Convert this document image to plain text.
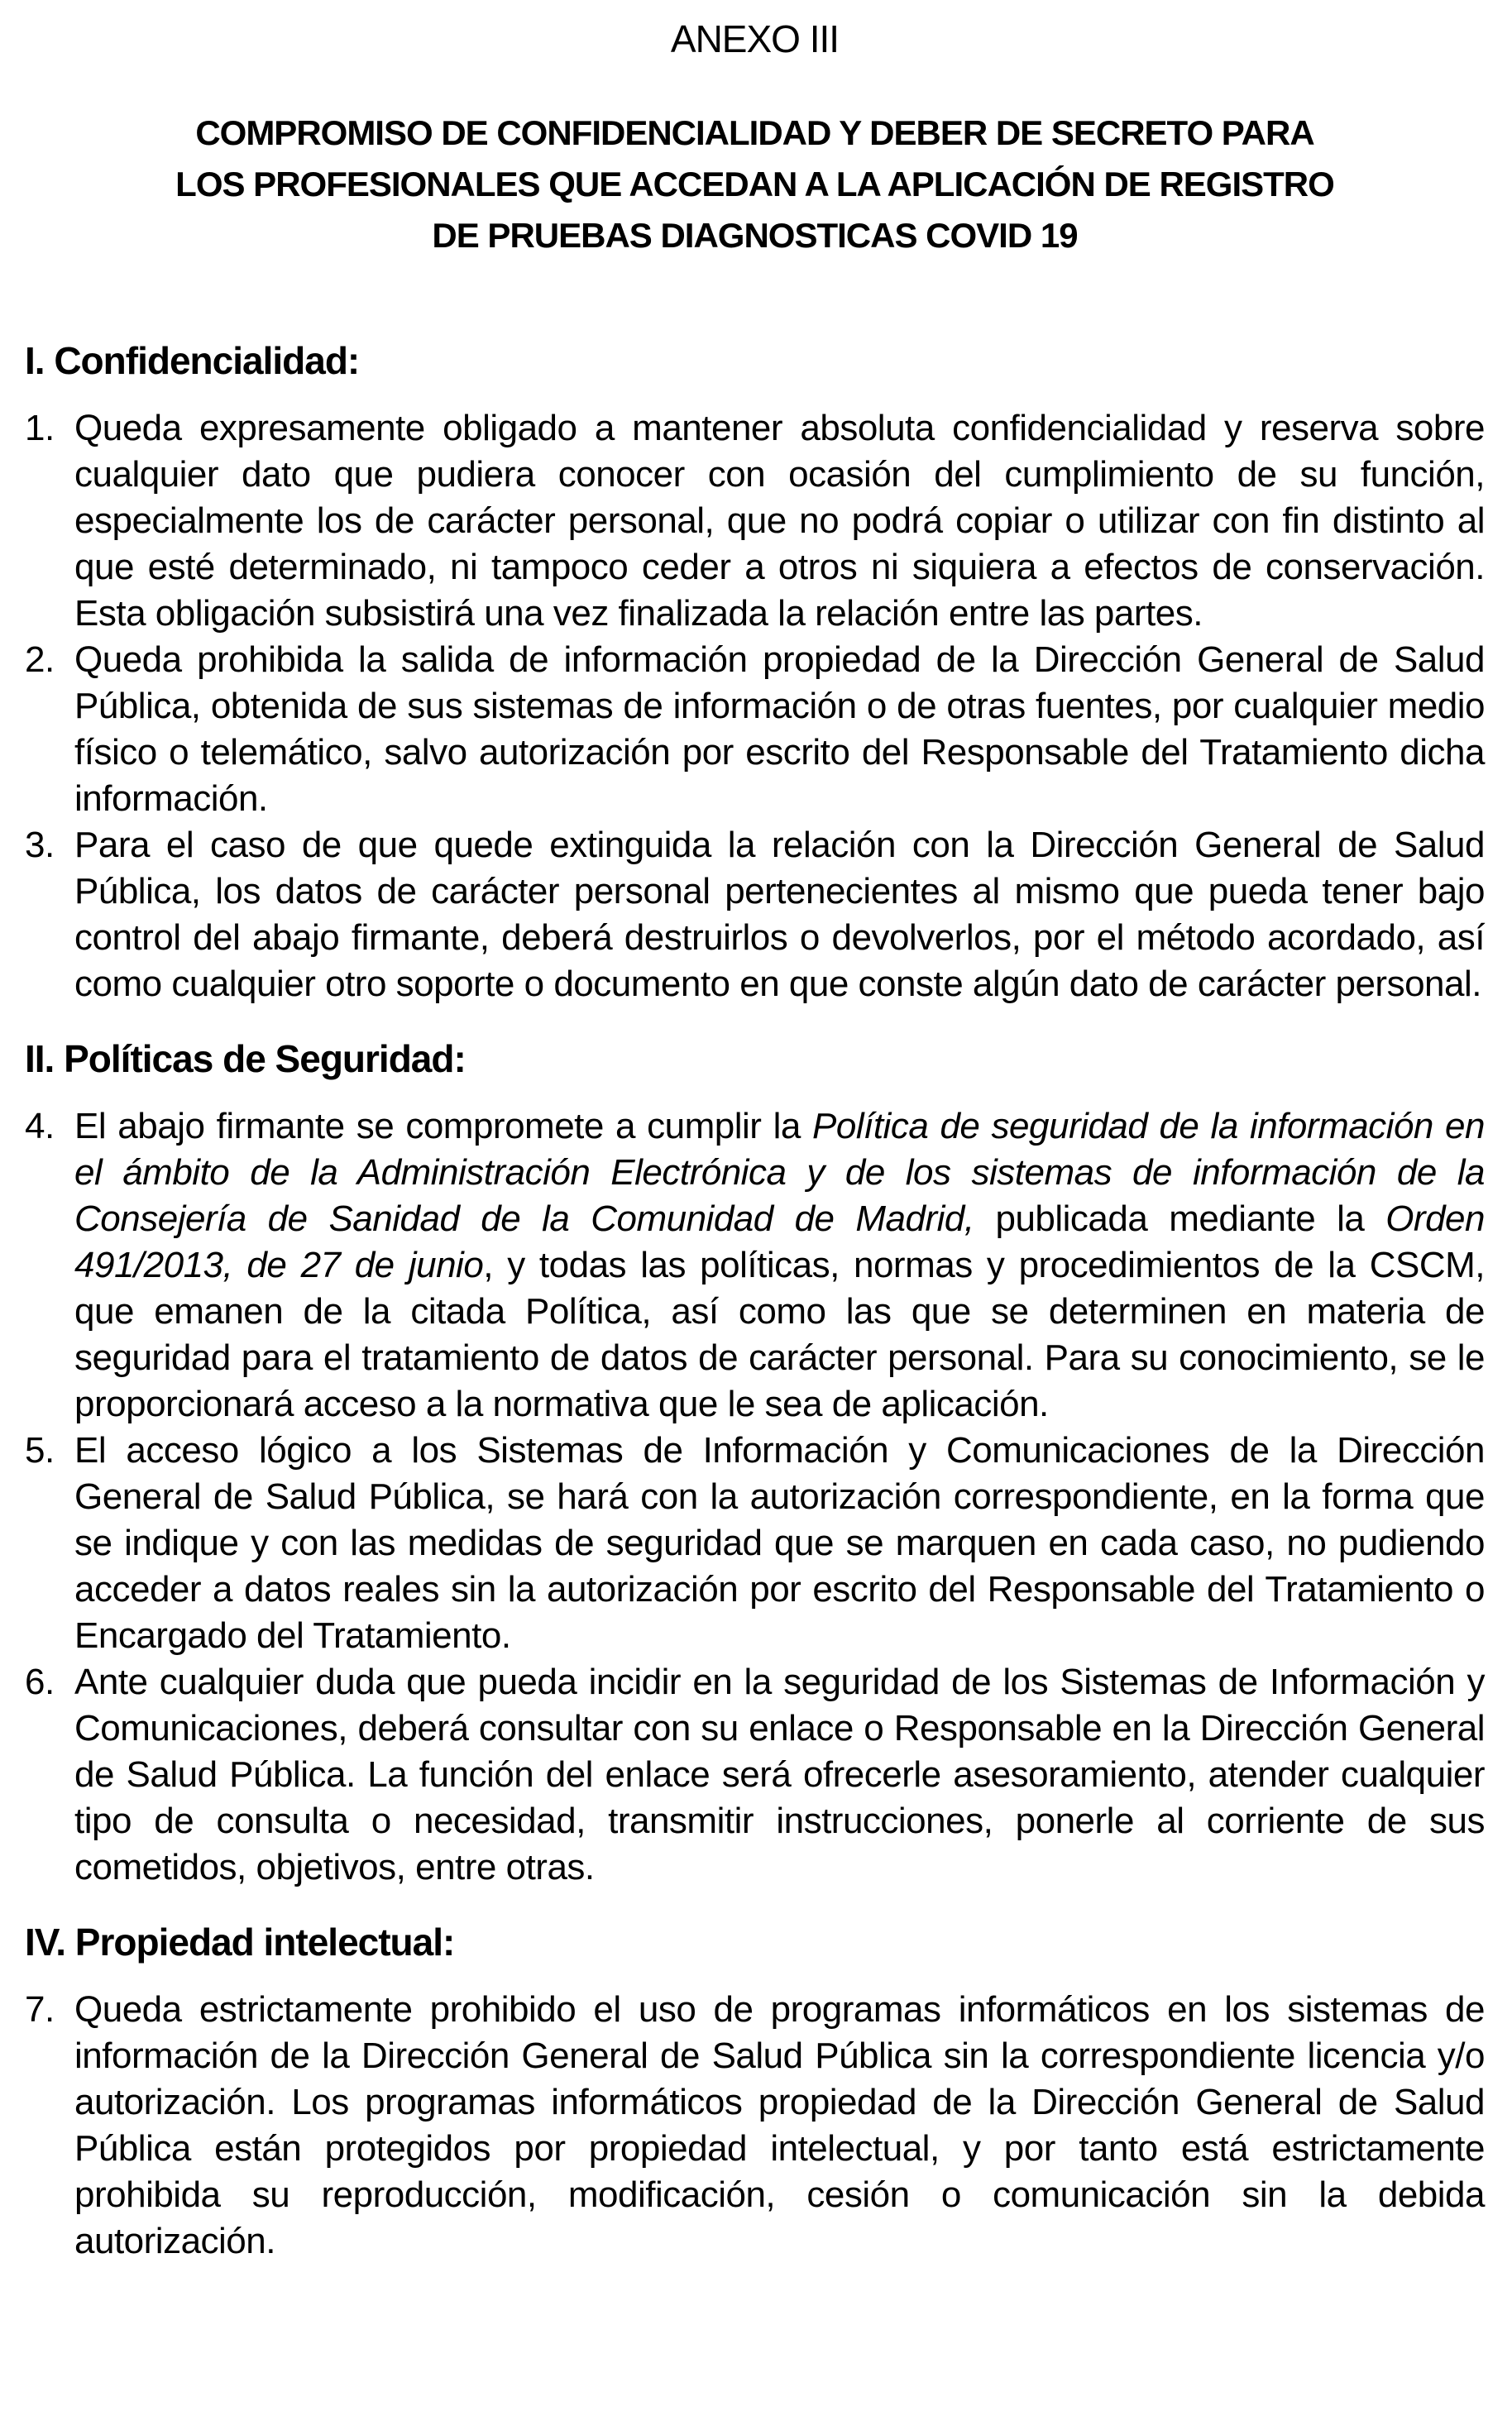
ANEXO III
COMPROMISO DE CONFIDENCIALIDAD Y DEBER DE SECRETO PARA
LOS PROFESIONALES QUE ACCEDAN A LA APLICACIÓN DE REGISTRO
DE PRUEBAS DIAGNOSTICAS COVID 19
I. Confidencialidad:
1. Queda expresamente obligado a mantener absoluta confidencialidad y reserva sobre cualquier dato que pudiera conocer con ocasión del cumplimiento de su función, especialmente los de carácter personal, que no podrá copiar o utilizar con fin distinto al que esté determinado, ni tampoco ceder a otros ni siquiera a efectos de conservación. Esta obligación subsistirá una vez finalizada la relación entre las partes.
2. Queda prohibida la salida de información propiedad de la Dirección General de Salud Pública, obtenida de sus sistemas de información o de otras fuentes, por cualquier medio físico o telemático, salvo autorización por escrito del Responsable del Tratamiento dicha información.
3. Para el caso de que quede extinguida la relación con la Dirección General de Salud Pública, los datos de carácter personal pertenecientes al mismo que pueda tener bajo control del abajo firmante, deberá destruirlos o devolverlos, por el método acordado, así como cualquier otro soporte o documento en que conste algún dato de carácter personal.
II. Políticas de Seguridad:
4. El abajo firmante se compromete a cumplir la Política de seguridad de la información en el ámbito de la Administración Electrónica y de los sistemas de información de la Consejería de Sanidad de la Comunidad de Madrid, publicada mediante la Orden 491/2013, de 27 de junio, y todas las políticas, normas y procedimientos de la CSCM, que emanen de la citada Política, así como las que se determinen en materia de seguridad para el tratamiento de datos de carácter personal. Para su conocimiento, se le proporcionará acceso a la normativa que le sea de aplicación.
5. El acceso lógico a los Sistemas de Información y Comunicaciones de la Dirección General de Salud Pública, se hará con la autorización correspondiente, en la forma que se indique y con las medidas de seguridad que se marquen en cada caso, no pudiendo acceder a datos reales sin la autorización por escrito del Responsable del Tratamiento o Encargado del Tratamiento.
6. Ante cualquier duda que pueda incidir en la seguridad de los Sistemas de Información y Comunicaciones, deberá consultar con su enlace o Responsable en la Dirección General de Salud Pública. La función del enlace será ofrecerle asesoramiento, atender cualquier tipo de consulta o necesidad, transmitir instrucciones, ponerle al corriente de sus cometidos, objetivos, entre otras.
IV. Propiedad intelectual:
7. Queda estrictamente prohibido el uso de programas informáticos en los sistemas de información de la Dirección General de Salud Pública sin la correspondiente licencia y/o autorización. Los programas informáticos propiedad de la Dirección General de Salud Pública están protegidos por propiedad intelectual, y por tanto está estrictamente prohibida su reproducción, modificación, cesión o comunicación sin la debida autorización.
